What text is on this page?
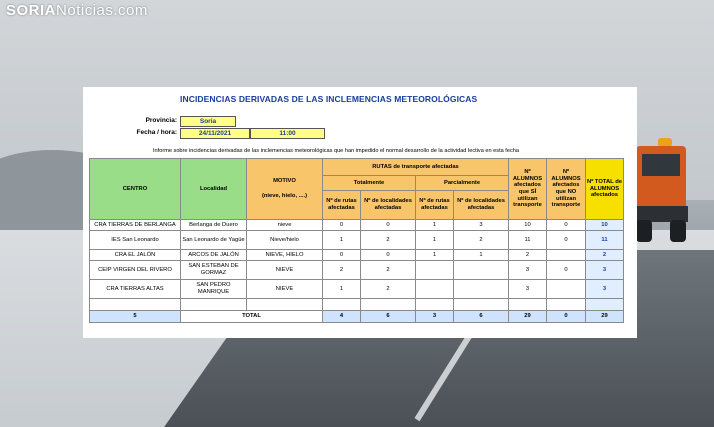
SORIANoticias.com
INCIDENCIAS DERIVADAS DE LAS INCLEMENCIAS METEOROLÓGICAS
Provincia:	Soria
Fecha / hora:	24/11/2021	11:00
Informe sobre incidencias derivadas de las inclemencias meteorológicas que han impedido el normal desarrollo de la actividad lectiva en esta fecha
CENTRO	Localidad	MOTIVO
(nieve, hielo, ....)	RUTAS de transporte afectadas				Nº ALUMNOS afectados que SÍ utilizan transporte	Nº ALUMNOS afectados que NO utilizan transporte	Nº TOTAL de ALUMNOS afectados
			Totalmente		Parcialmente				
			Nº de rutas afectadas	Nº de localidades afectadas	Nº de rutas afectadas	Nº de localidades afectadas			
CRA TIERRAS DE BERLANGA	Berlanga de Duero	nieve	0	0	1	3	10	0	10
IES San Leonardo	San Leonardo de Yagüe	Nieve/hielo	1	2	1	2	11	0	11
CRA EL JALÓN	ARCOS DE JALÓN	NIEVE, HIELO	0	0	1	1	2		2
CEIP VIRGEN DEL RIVERO	SAN ESTEBAN DE GORMAZ	NIEVE	2	2			3	0	3
CRA TIERRAS ALTAS	SAN PEDRO MANRIQUE	NIEVE	1	2			3		3

5	TOTAL		4	6	3	6	29	0	29
